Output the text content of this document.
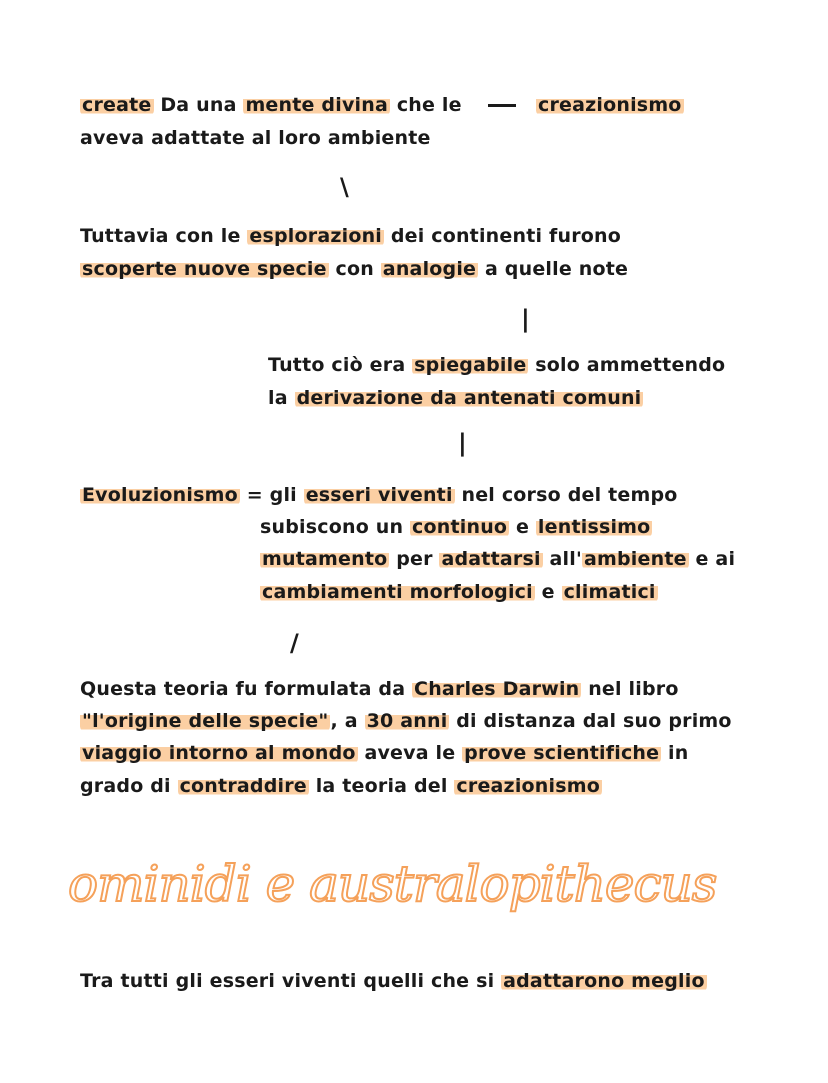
create Da una mente divina che le	creazionismo
aveva adattate al loro ambiente
\
Tuttavia con le esplorazioni dei continenti furono
scoperte nuove specie con analogie a quelle note
|
Tutto ciò era spiegabile solo ammettendo
la derivazione da antenati comuni
|
Evoluzionismo = gli esseri viventi nel corso del tempo
subiscono un continuo e lentissimo
mutamento per adattarsi all' ambiente e ai
cambiamenti morfologici e climatici
/
Questa teoria fu formulata da Charles Darwin nel libro
"l'origine delle specie" , a 30 anni di distanza dal suo primo
viaggio intorno al mondo aveva le prove scientifiche in
grado di contraddire la teoria del creazionismo
ominidi e australopithecus
Tra tutti gli esseri viventi quelli che si adattarono meglio
